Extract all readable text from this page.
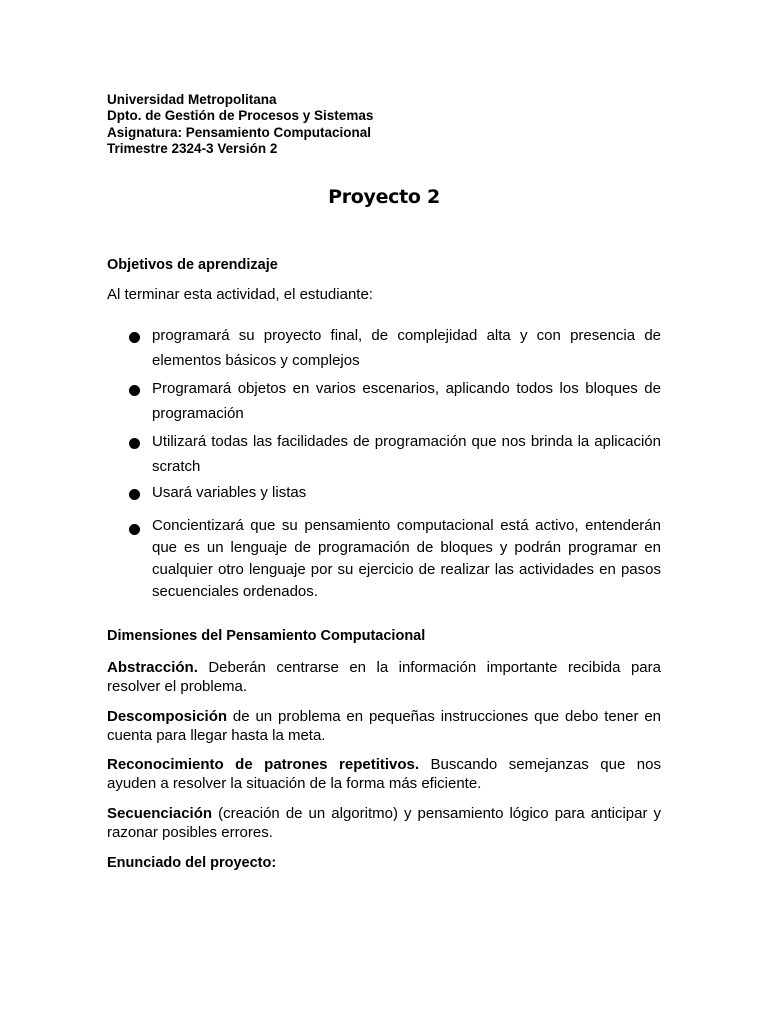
Universidad Metropolitana
Dpto. de Gestión de Procesos y Sistemas
Asignatura: Pensamiento Computacional
Trimestre 2324-3 Versión 2
Proyecto 2
Objetivos de aprendizaje
Al terminar esta actividad, el estudiante:
programará su proyecto final, de complejidad alta y con presencia de elementos básicos y complejos
Programará objetos en varios escenarios, aplicando todos los bloques de programación
Utilizará todas las facilidades de programación que nos brinda la aplicación scratch
Usará variables y listas
Concientizará que su pensamiento computacional está activo, entenderán que es un lenguaje de programación de bloques y podrán programar en cualquier otro lenguaje por su ejercicio de realizar las actividades en pasos secuenciales ordenados.
Dimensiones del Pensamiento Computacional
Abstracción. Deberán centrarse en la información importante recibida para resolver el problema.
Descomposición de un problema en pequeñas instrucciones que debo tener en cuenta para llegar hasta la meta.
Reconocimiento de patrones repetitivos. Buscando semejanzas que nos ayuden a resolver la situación de la forma más eficiente.
Secuenciación (creación de un algoritmo) y pensamiento lógico para anticipar y razonar posibles errores.
Enunciado del proyecto:
